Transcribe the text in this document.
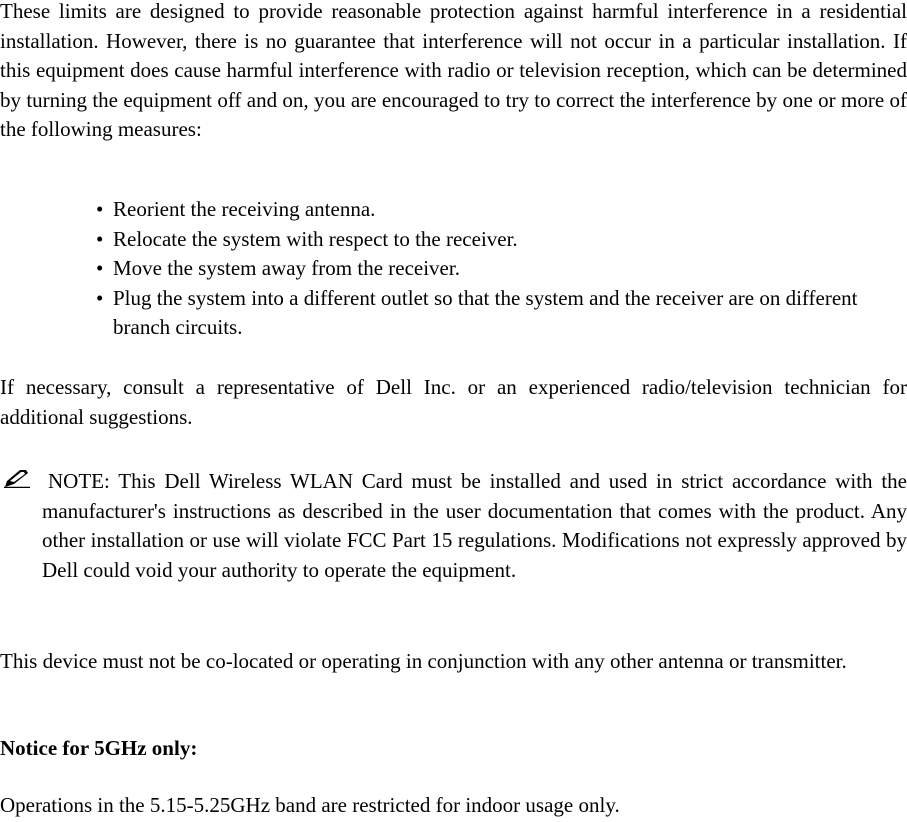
These limits are designed to provide reasonable protection against harmful interference in a residential installation. However, there is no guarantee that interference will not occur in a particular installation. If this equipment does cause harmful interference with radio or television reception, which can be determined by turning the equipment off and on, you are encouraged to try to correct the interference by one or more of the following measures:

• Reorient the receiving antenna.
• Relocate the system with respect to the receiver.
• Move the system away from the receiver.
• Plug the system into a different outlet so that the system and the receiver are on different branch circuits.

If necessary, consult a representative of Dell Inc. or an experienced radio/television technician for additional suggestions.

NOTE: This Dell Wireless WLAN Card must be installed and used in strict accordance with the manufacturer's instructions as described in the user documentation that comes with the product. Any other installation or use will violate FCC Part 15 regulations. Modifications not expressly approved by Dell could void your authority to operate the equipment.

This device must not be co-located or operating in conjunction with any other antenna or transmitter.

Notice for 5GHz only:

Operations in the 5.15-5.25GHz band are restricted for indoor usage only.
